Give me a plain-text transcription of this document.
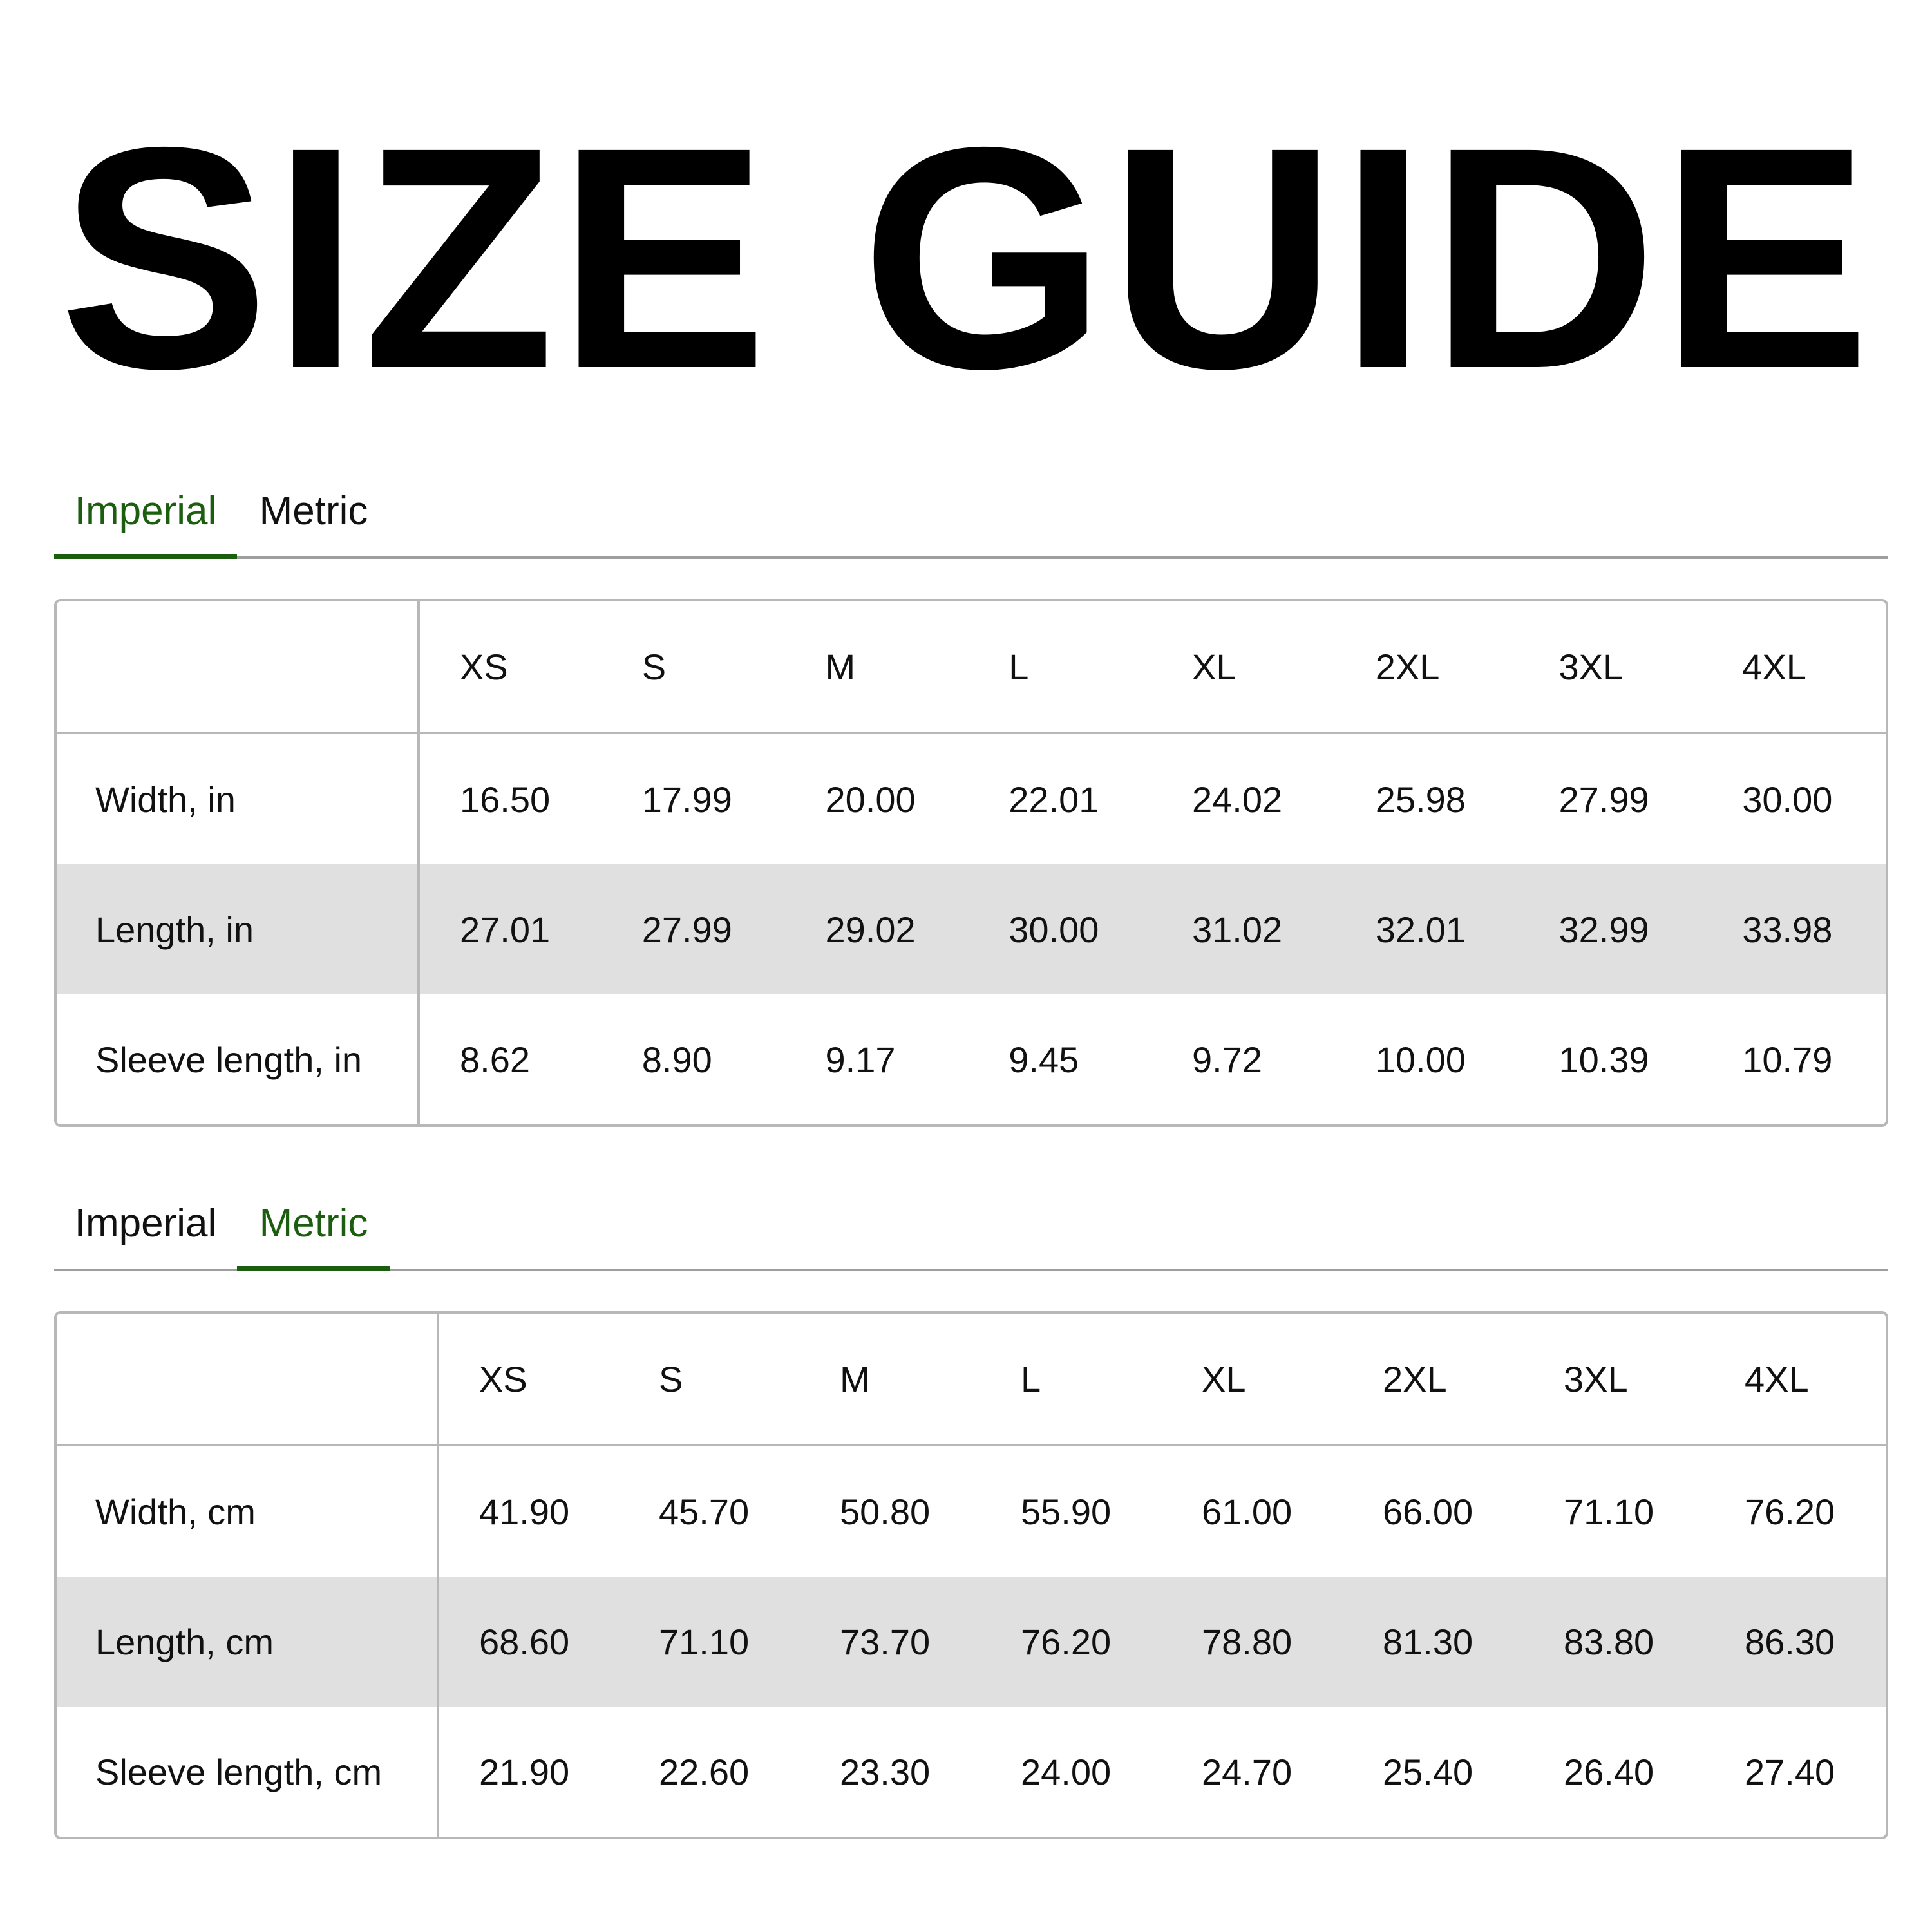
SIZE GUIDE
Imperial	Metric
	XS	S	M	L	XL	2XL	3XL	4XL
Width, in	16.50	17.99	20.00	22.01	24.02	25.98	27.99	30.00
Length, in	27.01	27.99	29.02	30.00	31.02	32.01	32.99	33.98
Sleeve length, in	8.62	8.90	9.17	9.45	9.72	10.00	10.39	10.79
Imperial	Metric
	XS	S	M	L	XL	2XL	3XL	4XL
Width, cm	41.90	45.70	50.80	55.90	61.00	66.00	71.10	76.20
Length, cm	68.60	71.10	73.70	76.20	78.80	81.30	83.80	86.30
Sleeve length, cm	21.90	22.60	23.30	24.00	24.70	25.40	26.40	27.40
